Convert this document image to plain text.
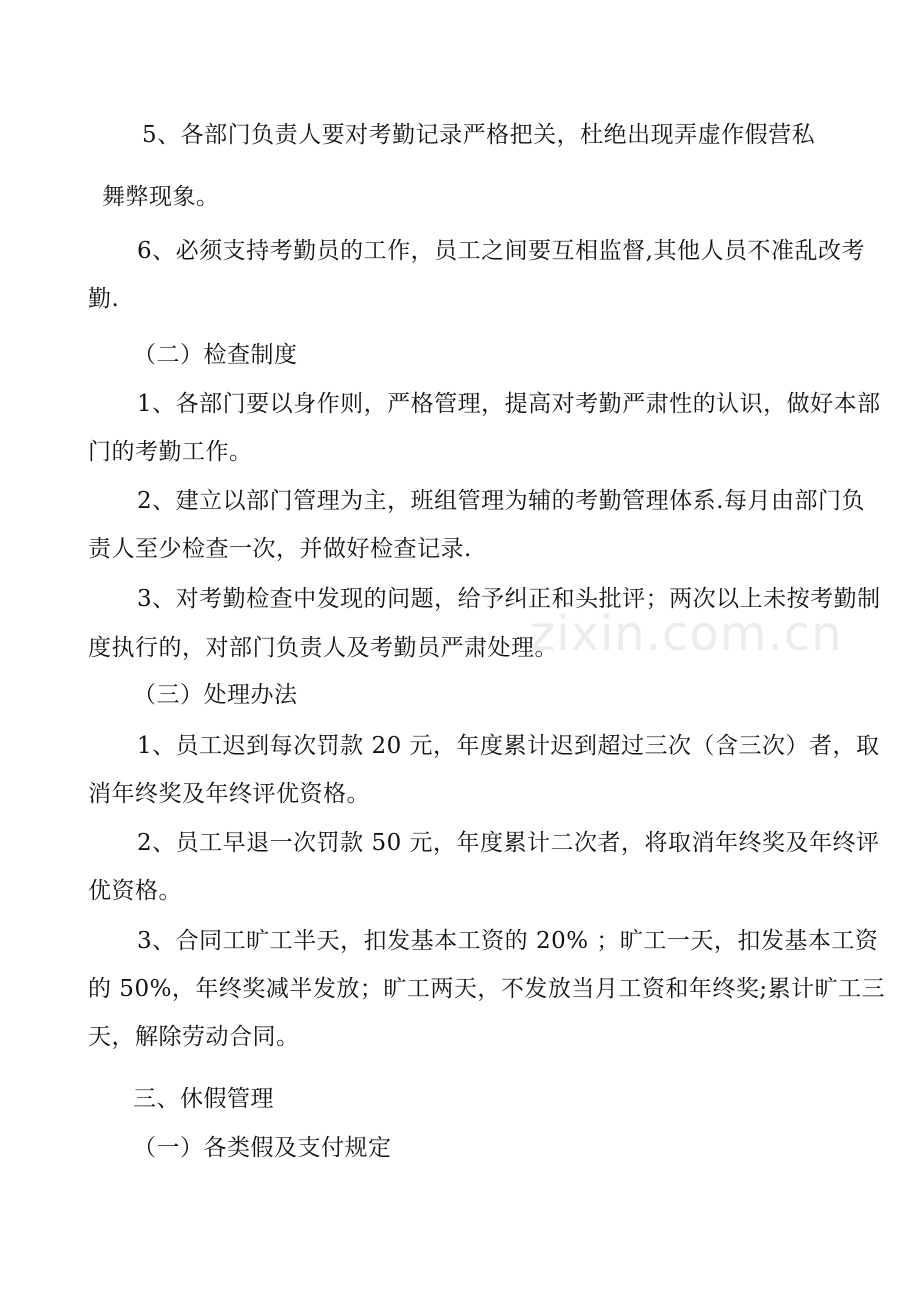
zixin.com.cn
5、各部门负责人要对考勤记录严格把关，杜绝出现弄虚作假营私
舞弊现象。
6、必须支持考勤员的工作，员工之间要互相监督,其他人员不准乱改考
勤.
（二）检查制度
1、各部门要以身作则，严格管理，提高对考勤严肃性的认识，做好本部
门的考勤工作。
2、建立以部门管理为主，班组管理为辅的考勤管理体系.每月由部门负
责人至少检查一次，并做好检查记录.
3、对考勤检查中发现的问题，给予纠正和头批评；两次以上未按考勤制
度执行的，对部门负责人及考勤员严肃处理。
（三）处理办法
1、员工迟到每次罚款 20 元，年度累计迟到超过三次（含三次）者，取
消年终奖及年终评优资格。
2、员工早退一次罚款 50 元，年度累计二次者，将取消年终奖及年终评
优资格。
3、合同工旷工半天，扣发基本工资的 20% ；旷工一天，扣发基本工资
的 50%，年终奖减半发放；旷工两天，不发放当月工资和年终奖;累计旷工三
天，解除劳动合同。
三、休假管理
（一）各类假及支付规定
